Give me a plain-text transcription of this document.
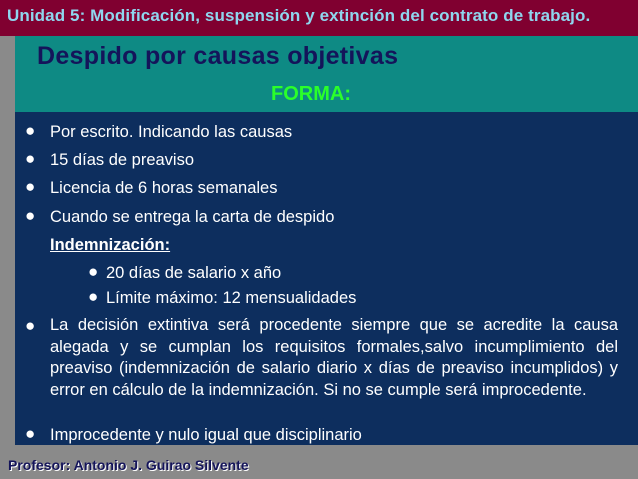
Unidad 5: Modificación, suspensión y extinción del contrato de trabajo.
Despido por causas objetivas
FORMA:
● Por escrito. Indicando las causas
● 15 días de preaviso
● Licencia de 6 horas semanales
● Cuando se entrega la carta de despido
Indemnización:
● 20 días de salario x año
● Límite máximo: 12 mensualidades
● La decisión extintiva será procedente siempre que se acredite la causa alegada y se cumplan los requisitos formales,salvo incumplimiento del preaviso (indemnización de salario diario x días de preaviso incumplidos) y error en cálculo de la indemnización. Si no se cumple será improcedente.
● Improcedente y nulo igual que disciplinario
Profesor: Antonio J. Guirao Silvente
